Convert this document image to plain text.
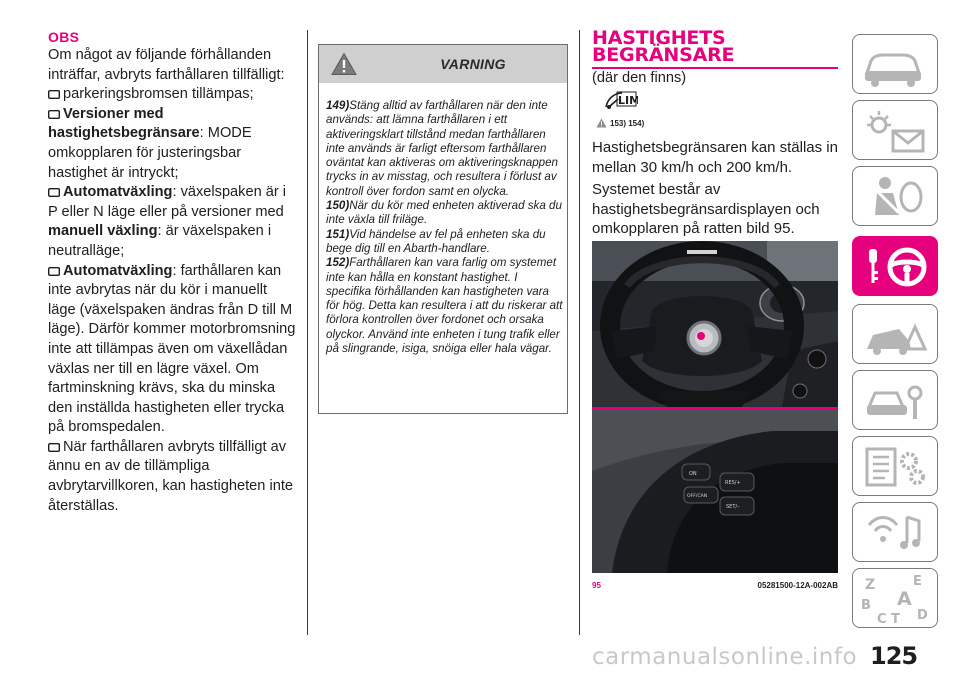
OBS

Om något av följande förhållanden inträffar, avbryts farthållaren tillfälligt:

parkeringsbromsen tillämpas;

Versioner med hastighetsbegränsare: MODE omkopplaren för justeringsbar hastighet är intryckt;

Automatväxling: växelspaken är i P eller N läge eller på versioner med manuell växling: är växelspaken i neutralläge;

Automatväxling: farthållaren kan inte avbrytas när du kör i manuellt läge (växelspaken ändras från D till M läge). Därför kommer motorbromsning inte att tillämpas även om växellådan växlas ner till en lägre växel. Om fartminskning krävs, ska du minska den inställda hastigheten eller trycka på bromspedalen.

När farthållaren avbryts tillfälligt av ännu en av de tillämpliga avbrytarvillkoren, kan hastigheten inte återställas.

VARNING
149)Stäng alltid av farthållaren när den inte används: att lämna farthållaren i ett aktiveringsklart tillstånd medan farthållaren inte används är farligt eftersom farthållaren oväntat kan aktiveras om aktiveringsknappen trycks in av misstag, och resultera i förlust av kontroll över fordon samt en olycka.
150)När du kör med enheten aktiverad ska du inte växla till friläge.
151)Vid händelse av fel på enheten ska du bege dig till en Abarth-handlare.
152)Farthållaren kan vara farlig om systemet inte kan hålla en konstant hastighet. I specifika förhållanden kan hastigheten vara för hög. Detta kan resultera i att du riskerar att förlora kontrollen över fordonet och orsaka olyckor. Använd inte enheten i tung trafik eller på slingrande, isiga, snöiga eller hala vägar.
HASTIGHETS
BEGRÄNSARE
(där den finns)
LIM
153) 154)

Hastighetsbegränsaren kan ställas in mellan 30 km/h och 200 km/h.

Systemet består av hastighetsbegränsardisplayen och omkopplaren på ratten bild 95.

ON
RES/+
OFF/CAN
SET/–
95	05281500-12A-002AB Z	E
B A
C T D
carmanualsonline.info 125
